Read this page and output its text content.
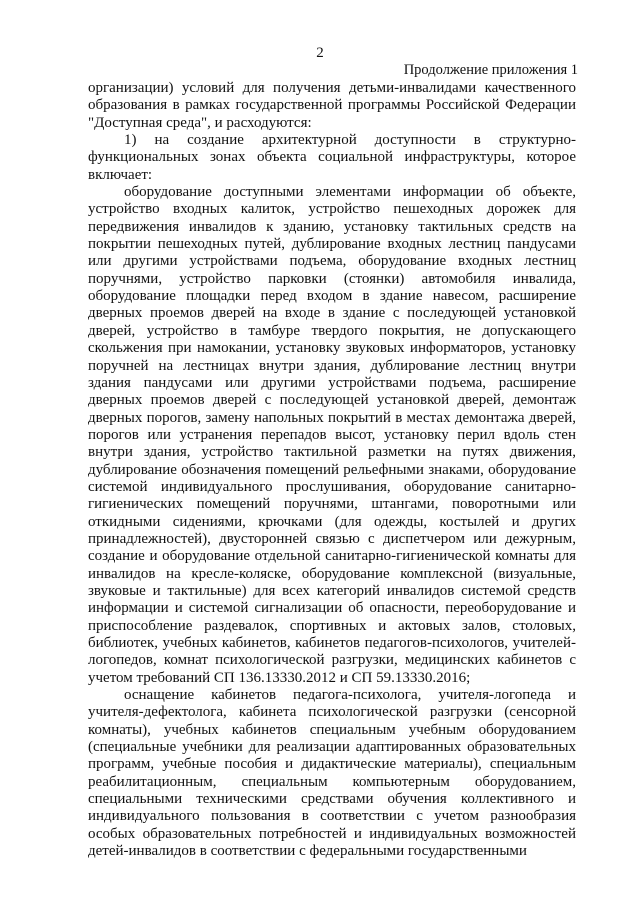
2
Продолжение приложения 1

организации) условий для получения детьми-инвалидами качественного образования в рамках государственной программы Российской Федерации "Доступная среда", и расходуются:

1) на создание архитектурной доступности в структурно-функциональных зонах объекта социальной инфраструктуры, которое включает:

оборудование доступными элементами информации об объекте, устройство входных калиток, устройство пешеходных дорожек для передвижения инвалидов к зданию, установку тактильных средств на покрытии пешеходных путей, дублирование входных лестниц пандусами или другими устройствами подъема, оборудование входных лестниц поручнями, устройство парковки (стоянки) автомобиля инвалида, оборудование площадки перед входом в здание навесом, расширение дверных проемов дверей на входе в здание с последующей установкой дверей, устройство в тамбуре твердого покрытия, не допускающего скольжения при намокании, установку звуковых информаторов, установку поручней на лестницах внутри здания, дублирование лестниц внутри здания пандусами или другими устройствами подъема, расширение дверных проемов дверей с последующей установкой дверей, демонтаж дверных порогов, замену напольных покрытий в местах демонтажа дверей, порогов или устранения перепадов высот, установку перил вдоль стен внутри здания, устройство тактильной разметки на путях движения, дублирование обозначения помещений рельефными знаками, оборудование системой индивидуального прослушивания, оборудование санитарно-гигиенических помещений поручнями, штангами, поворотными или откидными сидениями, крючками (для одежды, костылей и других принадлежностей), двусторонней связью с диспетчером или дежурным, создание и оборудование отдельной санитарно-гигиенической комнаты для инвалидов на кресле-коляске, оборудование комплексной (визуальные, звуковые и тактильные) для всех категорий инвалидов системой средств информации и системой сигнализации об опасности, переоборудование и приспособление раздевалок, спортивных и актовых залов, столовых, библиотек, учебных кабинетов, кабинетов педагогов-психологов, учителей-логопедов, комнат психологической разгрузки, медицинских кабинетов с учетом требований СП 136.13330.2012 и СП 59.13330.2016;

оснащение кабинетов педагога-психолога, учителя-логопеда и учителя-дефектолога, кабинета психологической разгрузки (сенсорной комнаты), учебных кабинетов специальным учебным оборудованием (специальные учебники для реализации адаптированных образовательных программ, учебные пособия и дидактические материалы), специальным реабилитационным, специальным компьютерным оборудованием, специальными техническими средствами обучения коллективного и индивидуального пользования в соответствии с учетом разнообразия особых образовательных потребностей и индивидуальных возможностей детей-инвалидов в соответствии с федеральными государственными
